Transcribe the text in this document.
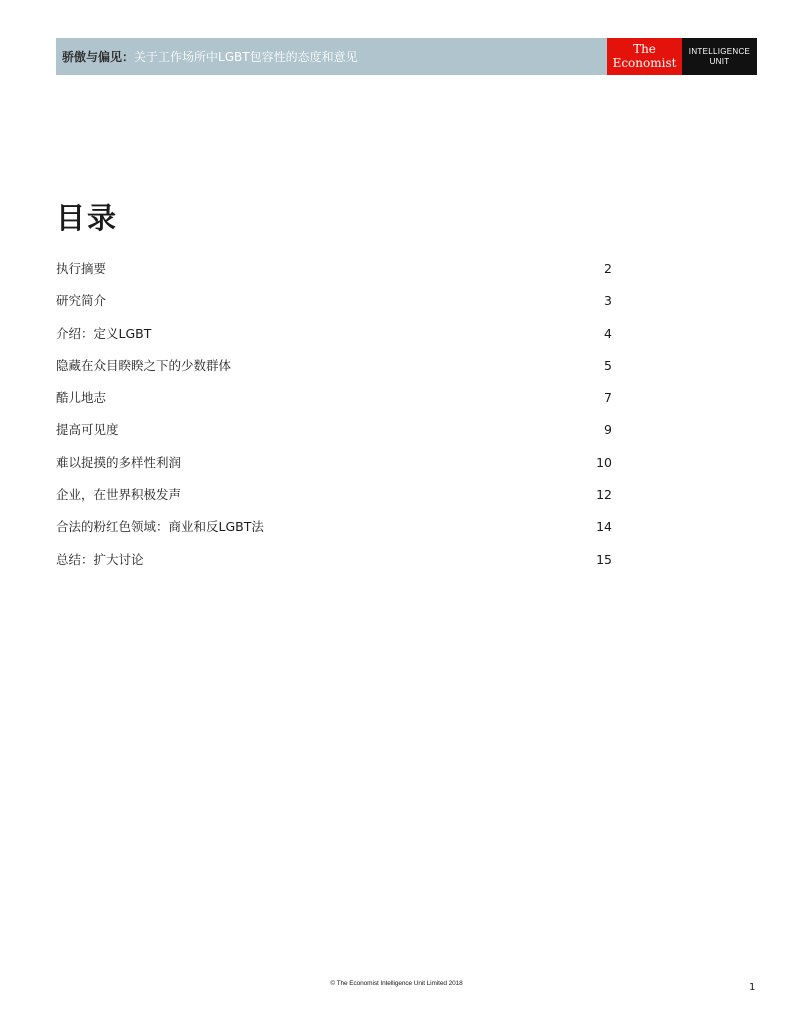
骄傲与偏见：关于工作场所中LGBT包容性的态度和意见
The
Economist
INTELLIGENCE
UNIT
目录
执行摘要	2
研究简介	3
介绍：定义LGBT	4
隐藏在众目睽睽之下的少数群体	5
酷儿地志	7
提高可见度	9
难以捉摸的多样性利润	10
企业，在世界积极发声	12
合法的粉红色领域：商业和反LGBT法	14
总结：扩大讨论	15
© The Economist Intelligence Unit Limited 2018	1
